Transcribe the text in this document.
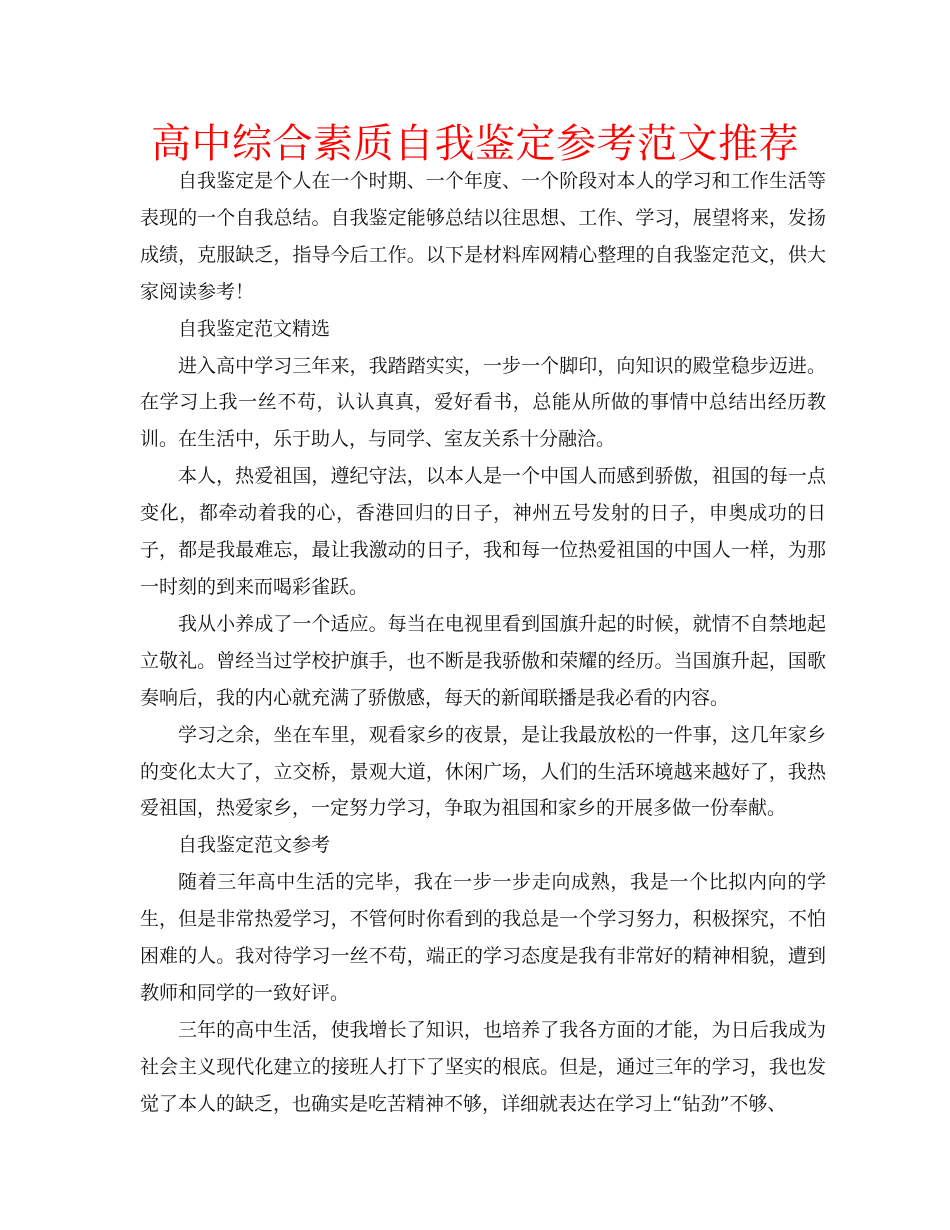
高中综合素质自我鉴定参考范文推荐

自我鉴定是个人在一个时期、一个年度、一个阶段对本人的学习和工作生活等表现的一个自我总结。自我鉴定能够总结以往思想、工作、学习，展望将来，发扬成绩，克服缺乏，指导今后工作。以下是材料库网精心整理的自我鉴定范文，供大家阅读参考！

自我鉴定范文精选

进入高中学习三年来，我踏踏实实，一步一个脚印，向知识的殿堂稳步迈进。在学习上我一丝不苟，认认真真，爱好看书，总能从所做的事情中总结出经历教训。在生活中，乐于助人，与同学、室友关系十分融洽。

本人，热爱祖国，遵纪守法，以本人是一个中国人而感到骄傲，祖国的每一点变化，都牵动着我的心，香港回归的日子，神州五号发射的日子，申奥成功的日子，都是我最难忘，最让我激动的日子，我和每一位热爱祖国的中国人一样，为那一时刻的到来而喝彩雀跃。

我从小养成了一个适应。每当在电视里看到国旗升起的时候，就情不自禁地起立敬礼。曾经当过学校护旗手，也不断是我骄傲和荣耀的经历。当国旗升起，国歌奏响后，我的内心就充满了骄傲感，每天的新闻联播是我必看的内容。

学习之余，坐在车里，观看家乡的夜景，是让我最放松的一件事，这几年家乡的变化太大了，立交桥，景观大道，休闲广场，人们的生活环境越来越好了，我热爱祖国，热爱家乡，一定努力学习，争取为祖国和家乡的开展多做一份奉献。

自我鉴定范文参考

随着三年高中生活的完毕，我在一步一步走向成熟，我是一个比拟内向的学生，但是非常热爱学习，不管何时你看到的我总是一个学习努力，积极探究，不怕困难的人。我对待学习一丝不苟，端正的学习态度是我有非常好的精神相貌，遭到教师和同学的一致好评。

三年的高中生活，使我增长了知识，也培养了我各方面的才能，为日后我成为社会主义现代化建立的接班人打下了坚实的根底。但是，通过三年的学习，我也发觉了本人的缺乏，也确实是吃苦精神不够，详细就表达在学习上“钻劲”不够、
